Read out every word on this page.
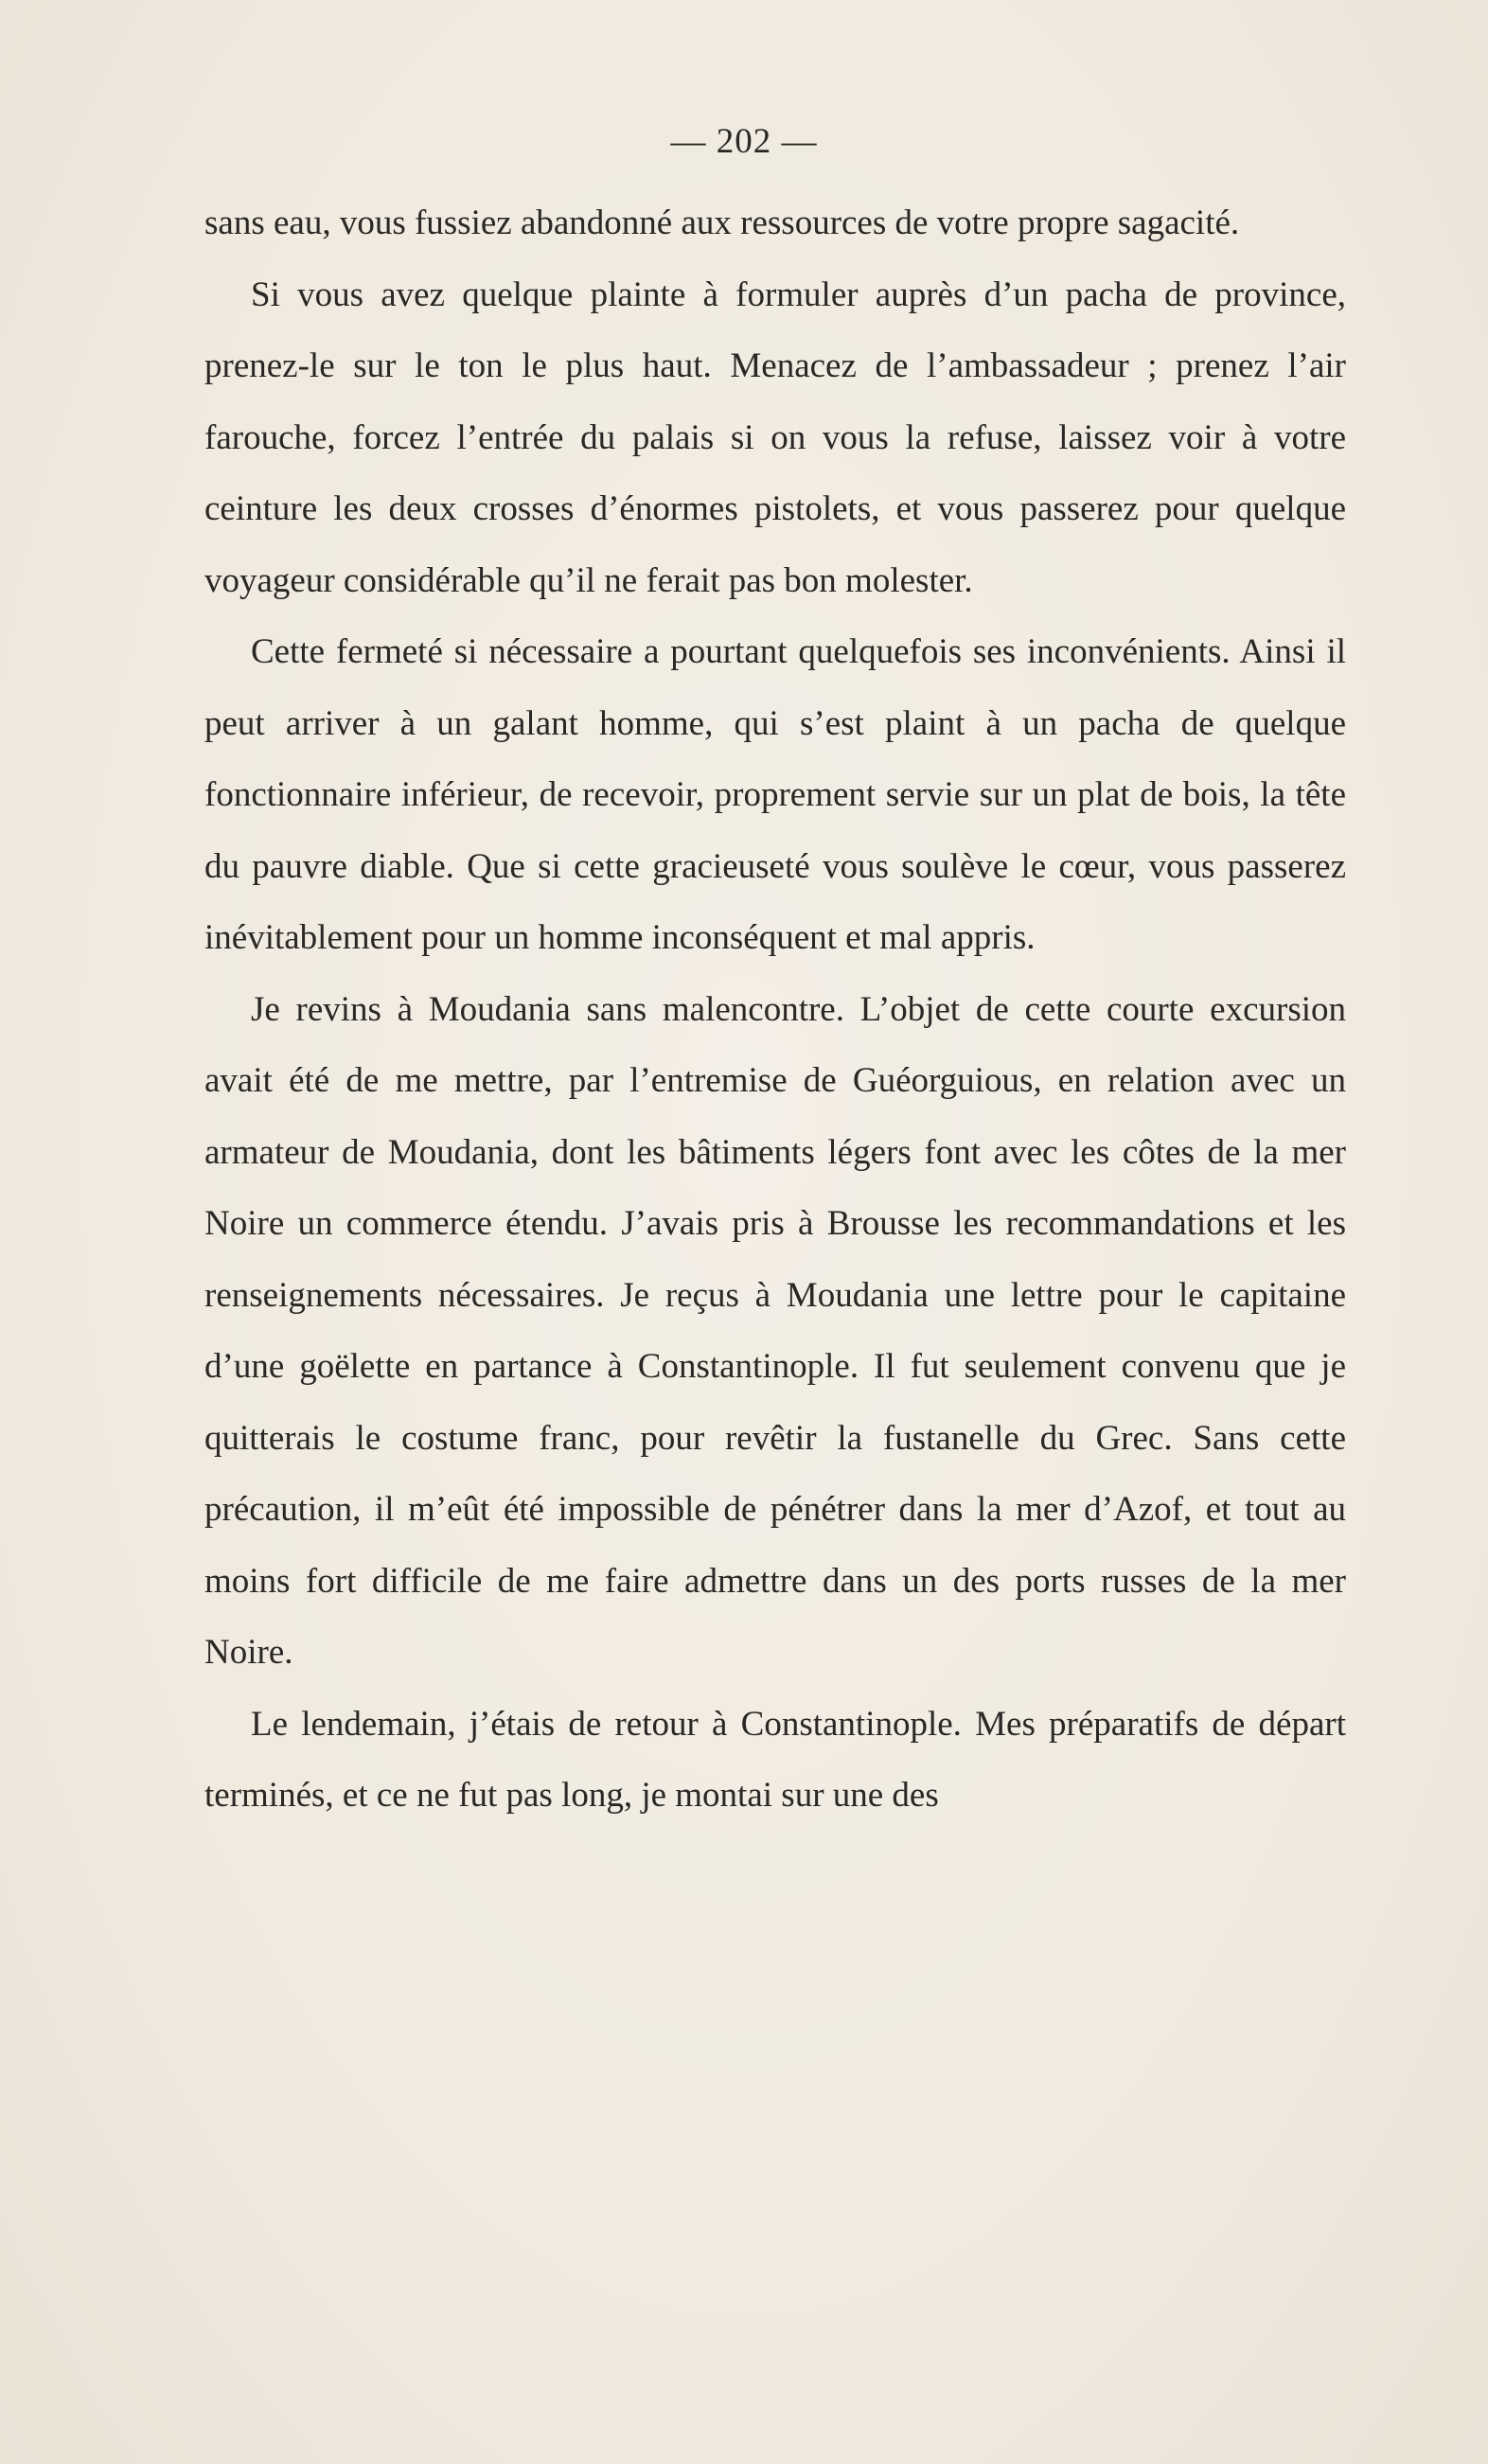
— 202 —

sans eau, vous fussiez abandonné aux ressources de votre propre sagacité.

Si vous avez quelque plainte à formuler auprès d’un pacha de province, prenez-le sur le ton le plus haut. Menacez de l’ambassadeur ; prenez l’air farouche, forcez l’entrée du palais si on vous la refuse, laissez voir à votre ceinture les deux crosses d’énormes pistolets, et vous passerez pour quelque voyageur considérable qu’il ne ferait pas bon molester.

Cette fermeté si nécessaire a pourtant quelquefois ses inconvénients. Ainsi il peut arriver à un galant homme, qui s’est plaint à un pacha de quelque fonctionnaire inférieur, de recevoir, proprement servie sur un plat de bois, la tête du pauvre diable. Que si cette gracieuseté vous soulève le cœur, vous passerez inévitablement pour un homme inconséquent et mal appris.

Je revins à Moudania sans malencontre. L’objet de cette courte excursion avait été de me mettre, par l’entremise de Guéorguious, en relation avec un armateur de Moudania, dont les bâtiments légers font avec les côtes de la mer Noire un commerce étendu. J’avais pris à Brousse les recommandations et les renseignements nécessaires. Je reçus à Moudania une lettre pour le capitaine d’une goëlette en partance à Constantinople. Il fut seulement convenu que je quitterais le costume franc, pour revêtir la fustanelle du Grec. Sans cette précaution, il m’eût été impossible de pénétrer dans la mer d’Azof, et tout au moins fort difficile de me faire admettre dans un des ports russes de la mer Noire.

Le lendemain, j’étais de retour à Constantinople. Mes préparatifs de départ terminés, et ce ne fut pas long, je montai sur une des
